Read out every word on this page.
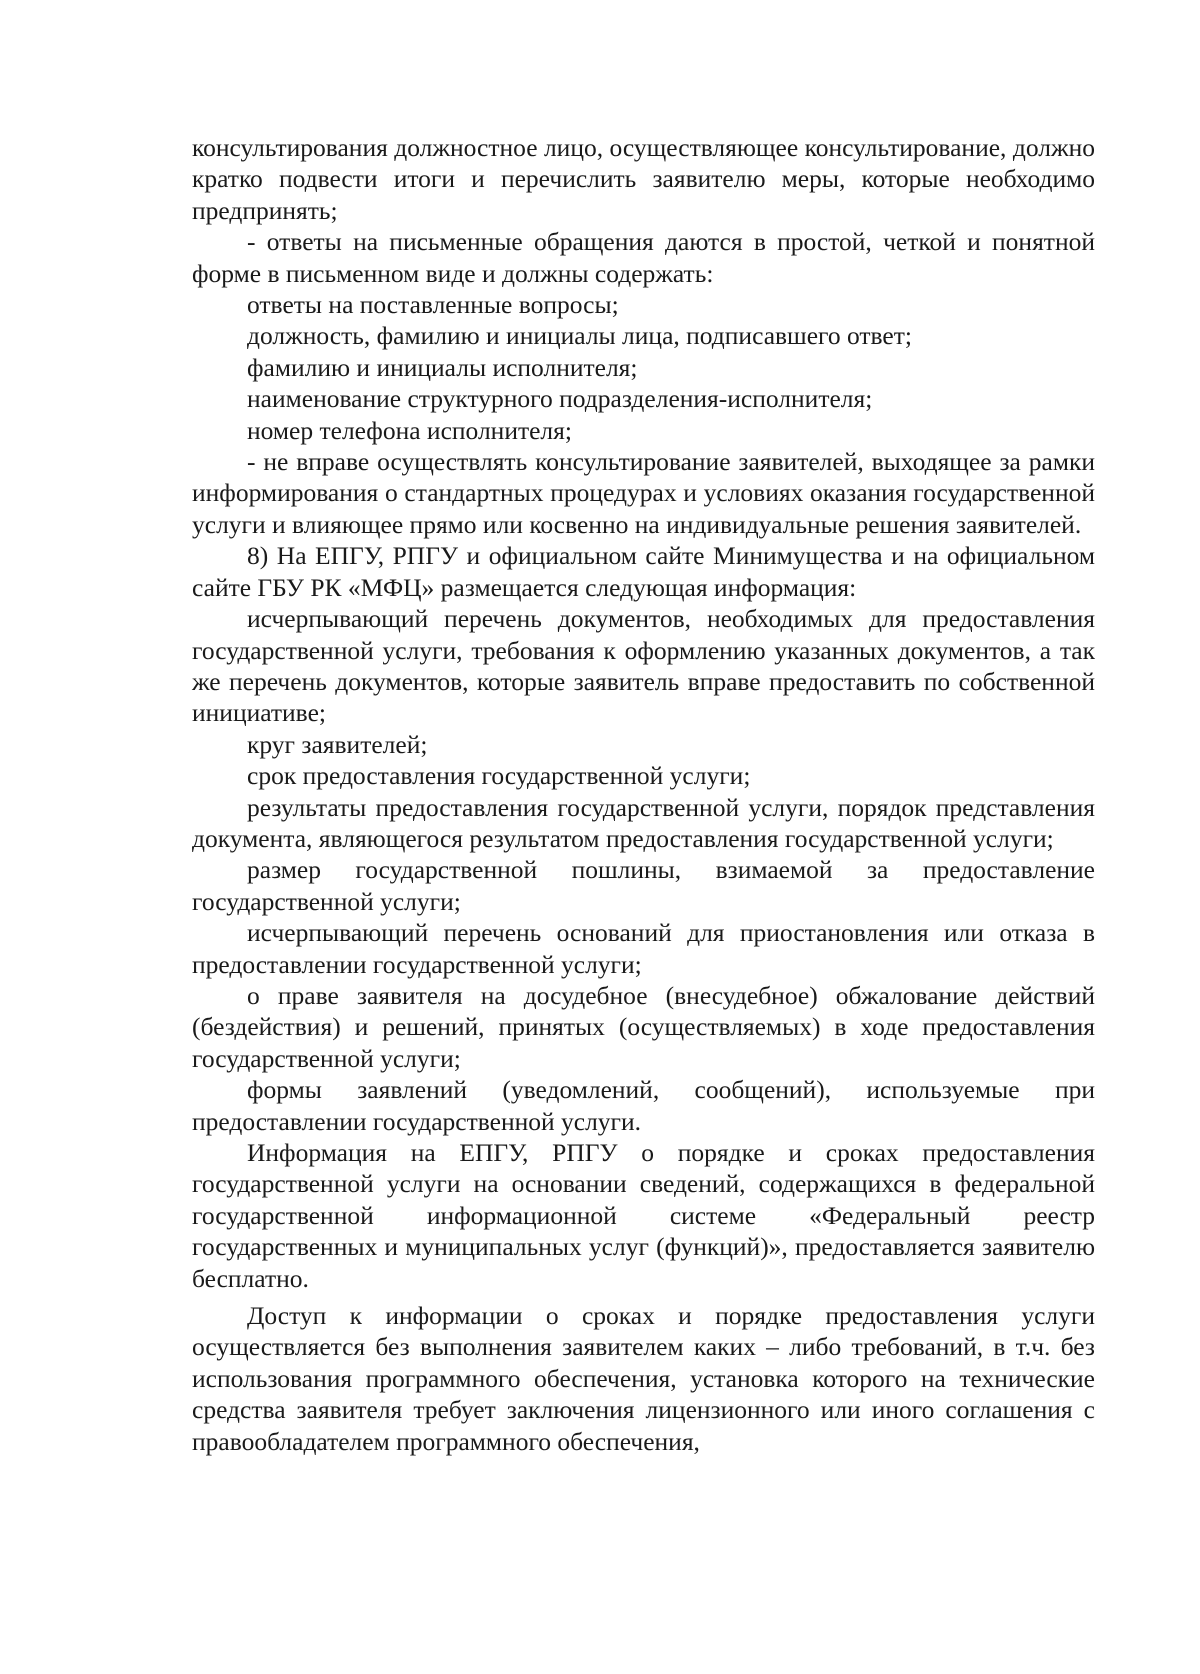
консультирования должностное лицо, осуществляющее консультирование, должно кратко подвести итоги и перечислить заявителю меры, которые необходимо предпринять;

- ответы на письменные обращения даются в простой, четкой и понятной форме в письменном виде и должны содержать:

ответы на поставленные вопросы;

должность, фамилию и инициалы лица, подписавшего ответ;

фамилию и инициалы исполнителя;

наименование структурного подразделения-исполнителя;

номер телефона исполнителя;

- не вправе осуществлять консультирование заявителей, выходящее за рамки информирования о стандартных процедурах и условиях оказания государственной услуги и влияющее прямо или косвенно на индивидуальные решения заявителей.

8) На ЕПГУ, РПГУ и официальном сайте Минимущества и на официальном сайте ГБУ РК «МФЦ» размещается следующая информация:

исчерпывающий перечень документов, необходимых для предоставления государственной услуги, требования к оформлению указанных документов, а так же перечень документов, которые заявитель вправе предоставить по собственной инициативе;

круг заявителей;

срок предоставления государственной услуги;

результаты предоставления государственной услуги, порядок представления документа, являющегося результатом предоставления государственной услуги;

размер государственной пошлины, взимаемой за предоставление государственной услуги;

исчерпывающий перечень оснований для приостановления или отказа в предоставлении государственной услуги;

о праве заявителя на досудебное (внесудебное) обжалование действий (бездействия) и решений, принятых (осуществляемых) в ходе предоставления государственной услуги;

формы заявлений (уведомлений, сообщений), используемые при предоставлении государственной услуги.

Информация на ЕПГУ, РПГУ о порядке и сроках предоставления государственной услуги на основании сведений, содержащихся в федеральной государственной информационной системе «Федеральный реестр государственных и муниципальных услуг (функций)», предоставляется заявителю бесплатно.

Доступ к информации о сроках и порядке предоставления услуги осуществляется без выполнения заявителем каких – либо требований, в т.ч. без использования программного обеспечения, установка которого на технические средства заявителя требует заключения лицензионного или иного соглашения с правообладателем программного обеспечения,
